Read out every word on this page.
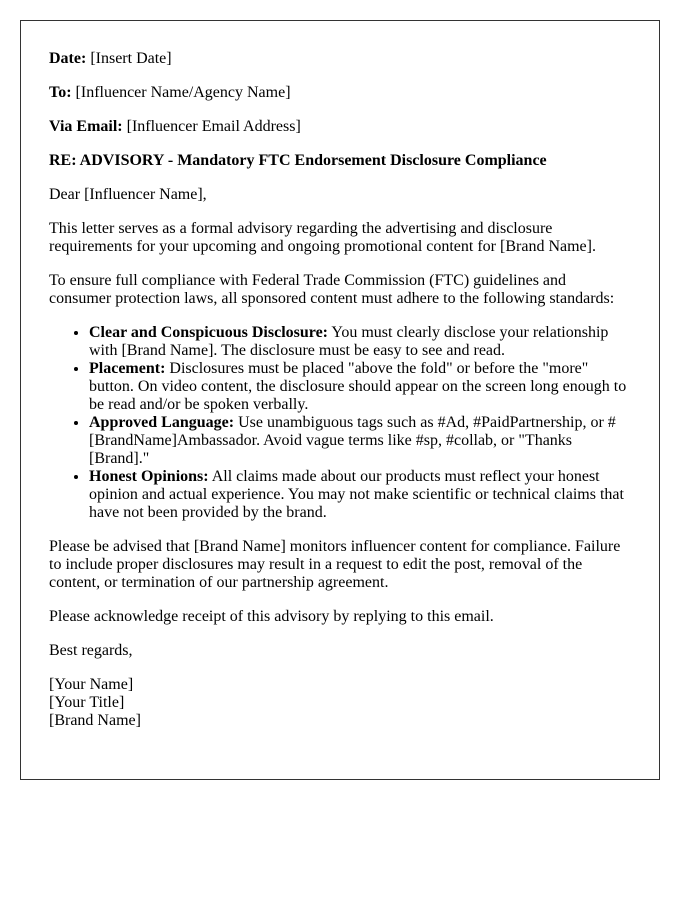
Date: [Insert Date]

To: [Influencer Name/Agency Name]

Via Email: [Influencer Email Address]

RE: ADVISORY - Mandatory FTC Endorsement Disclosure Compliance

Dear [Influencer Name],

This letter serves as a formal advisory regarding the advertising and disclosure requirements for your upcoming and ongoing promotional content for [Brand Name].

To ensure full compliance with Federal Trade Commission (FTC) guidelines and consumer protection laws, all sponsored content must adhere to the following standards:

• Clear and Conspicuous Disclosure: You must clearly disclose your relationship with [Brand Name]. The disclosure must be easy to see and read.
• Placement: Disclosures must be placed "above the fold" or before the "more" button. On video content, the disclosure should appear on the screen long enough to be read and/or be spoken verbally.
• Approved Language: Use unambiguous tags such as #Ad, #PaidPartnership, or #[BrandName]Ambassador. Avoid vague terms like #sp, #collab, or "Thanks [Brand]."
• Honest Opinions: All claims made about our products must reflect your honest opinion and actual experience. You may not make scientific or technical claims that have not been provided by the brand.

Please be advised that [Brand Name] monitors influencer content for compliance. Failure to include proper disclosures may result in a request to edit the post, removal of the content, or termination of our partnership agreement.

Please acknowledge receipt of this advisory by replying to this email.

Best regards,

[Your Name]
[Your Title]
[Brand Name]
